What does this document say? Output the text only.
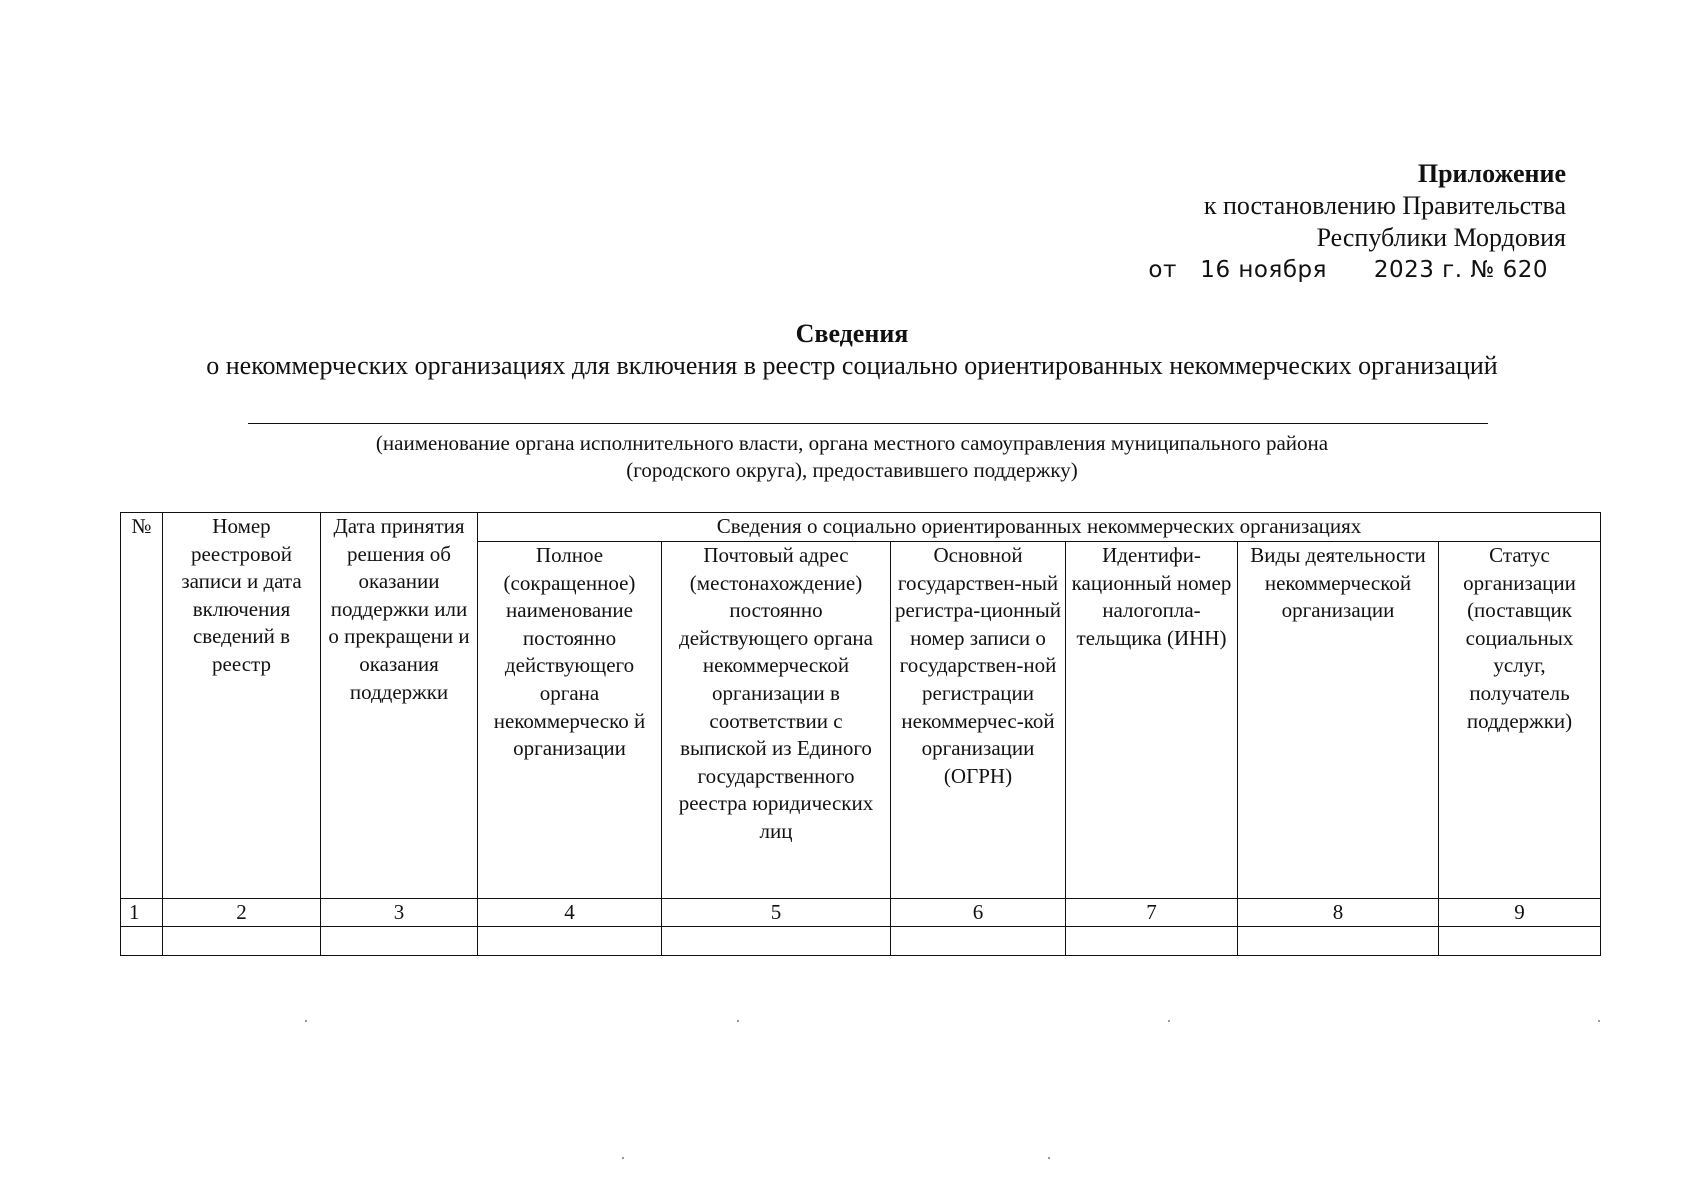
Приложение
к постановлению Правительства
Республики Мордовия
от   16 ноября      2023 г. № 620
Сведения
о некоммерческих организациях для включения в реестр социально ориентированных некоммерческих организаций
(наименование органа исполнительного власти, органа местного самоуправления муниципального района
(городского округа), предоставившего поддержку)
№	Номер реестровой записи и дата включения сведений в реестр	Дата принятия решения об оказании поддержки или о прекращени и оказания поддержки	Сведения о социально ориентированных некоммерческих организациях					
			Полное (сокращенное) наименование постоянно действующего органа некоммерческо й организации	Почтовый адрес (местонахождение) постоянно действующего органа некоммерческой организации в соответствии с выпиской из Единого государственного реестра юридических лиц	Основной государствен-ный регистра-ционный номер записи о государствен-ной регистрации некоммерчес-кой организации (ОГРН)	Идентифи-кационный номер налогопла-тельщика (ИНН)	Виды деятельности некоммерческой организации	Статус организации (поставщик социальных услуг, получатель поддержки)
1	2	3	4	5	6	7	8	9
